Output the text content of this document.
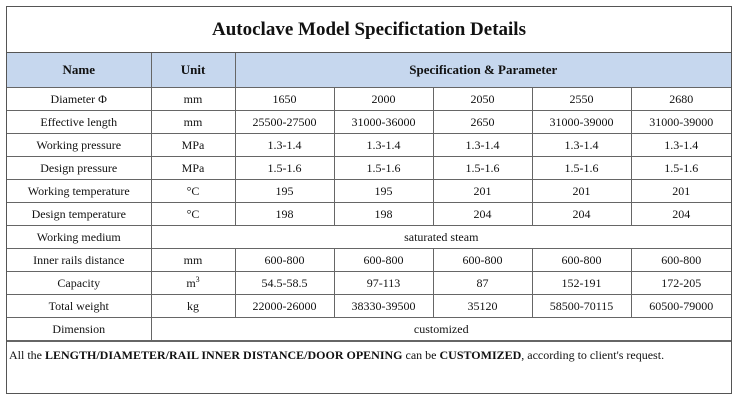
Autoclave Model Specifictation Details
Name	Unit	Specification & Parameter				
Diameter Φ	mm	1650	2000	2050	2550	2680
Effective length	mm	25500-27500	31000-36000	2650	31000-39000	31000-39000
Working pressure	MPa	1.3-1.4	1.3-1.4	1.3-1.4	1.3-1.4	1.3-1.4
Design pressure	MPa	1.5-1.6	1.5-1.6	1.5-1.6	1.5-1.6	1.5-1.6
Working temperature	°C	195	195	201	201	201
Design temperature	°C	198	198	204	204	204
Working medium	saturated steam					
Inner rails distance	mm	600-800	600-800	600-800	600-800	600-800
Capacity	$m^3$	54.5-58.5	97-113	87	152-191	172-205
Total weight	kg	22000-26000	38330-39500	35120	58500-70115	60500-79000
Dimension	customized					
All the LENGTH/DIAMETER/RAIL INNER DISTANCE/DOOR OPENING can be CUSTOMIZED, according to client's request.
